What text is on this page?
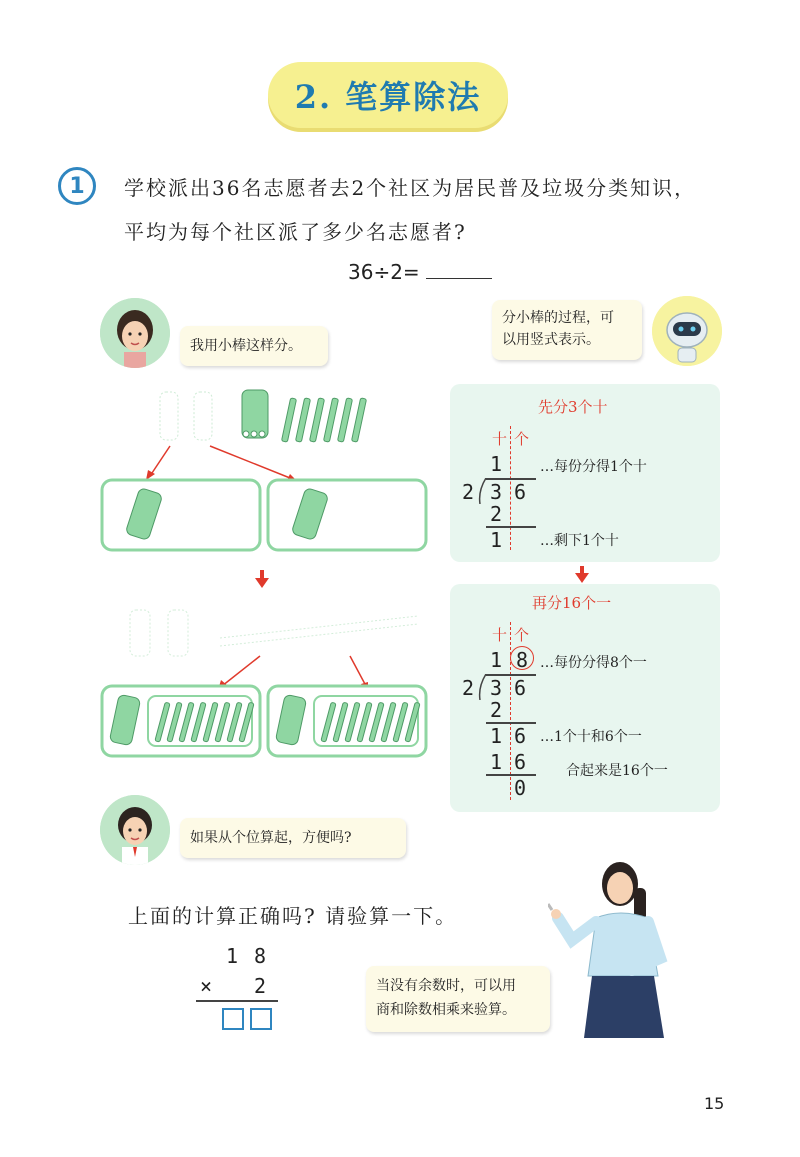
2. 笔算除法
1	学校派出36名志愿者去2个社区为居民普及垃圾分类知识，
平均为每个社区派了多少名志愿者?
36÷2=
我用小棒这样分。
分小棒的过程，可
以用竖式表示。
先分3个十
十 个
1	…每份分得1个十
2 3 6
2
1	…剩下1个十
再分16个一
十 个
1 8 …每份分得8个一
2 3 6
2
1 6 …1个十和6个一
1 6	合起来是16个一
0
如果从个位算起，方便吗?
上面的计算正确吗? 请验算一下。
1 8
× 2	当没有余数时，可以用
商和除数相乘来验算。
15
